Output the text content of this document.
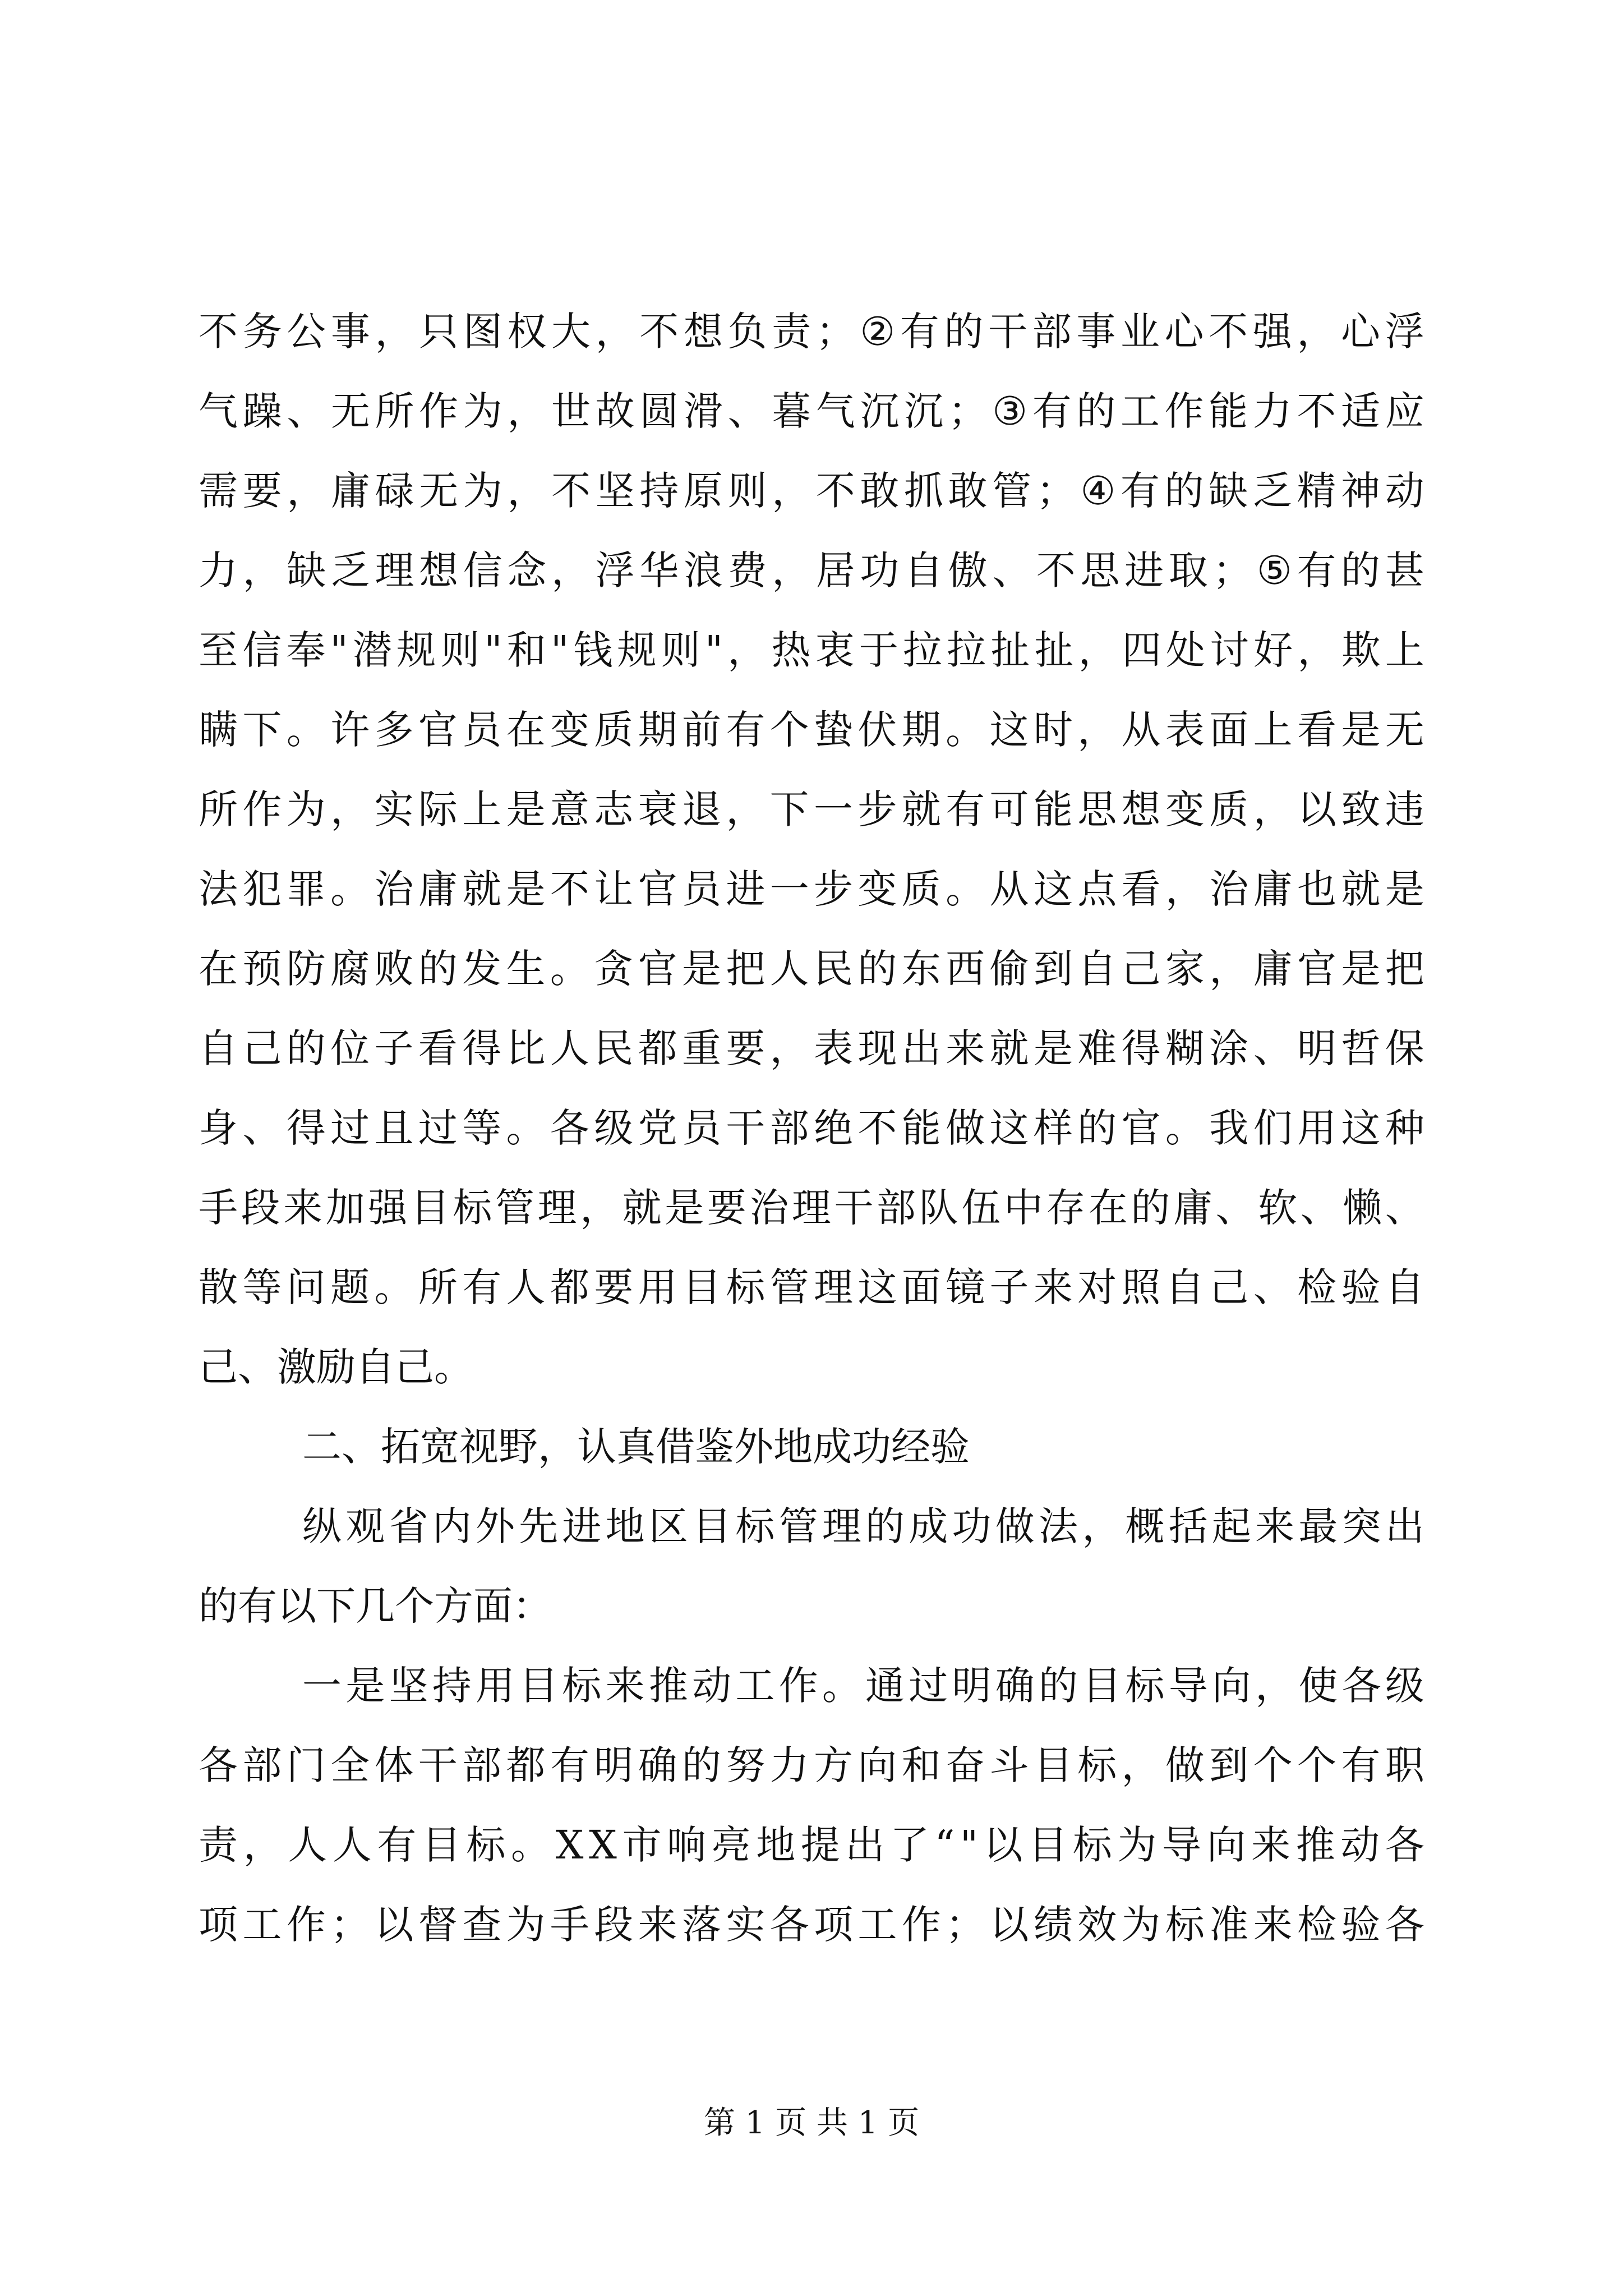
不 务 公 事 ， 只 图 权 大 ， 不 想 负 责 ； ② 有 的 干 部 事 业 心 不 强 ， 心 浮
气 躁 、 无 所 作 为 ， 世 故 圆 滑 、 暮 气 沉 沉 ； ③ 有 的 工 作 能 力 不 适 应
需 要 ， 庸 碌 无 为 ， 不 坚 持 原 则 ， 不 敢 抓 敢 管 ； ④ 有 的 缺 乏 精 神 动
力 ， 缺 乏 理 想 信 念 ， 浮 华 浪 费 ， 居 功 自 傲 、 不 思 进 取 ； ⑤ 有 的 甚
至 信 奉 " 潜 规 则 " 和 " 钱 规 则 " ， 热 衷 于 拉 拉 扯 扯 ， 四 处 讨 好 ， 欺 上
瞒 下 。 许 多 官 员 在 变 质 期 前 有 个 蛰 伏 期 。 这 时 ， 从 表 面 上 看 是 无
所 作 为 ， 实 际 上 是 意 志 衰 退 ， 下 一 步 就 有 可 能 思 想 变 质 ， 以 致 违
法 犯 罪 。 治 庸 就 是 不 让 官 员 进 一 步 变 质 。 从 这 点 看 ， 治 庸 也 就 是
在 预 防 腐 败 的 发 生 。 贪 官 是 把 人 民 的 东 西 偷 到 自 己 家 ， 庸 官 是 把
自 己 的 位 子 看 得 比 人 民 都 重 要 ， 表 现 出 来 就 是 难 得 糊 涂 、 明 哲 保
身 、 得 过 且 过 等 。 各 级 党 员 干 部 绝 不 能 做 这 样 的 官 。 我 们 用 这 种
手 段 来 加 强 目 标 管 理 ， 就 是 要 治 理 干 部 队 伍 中 存 在 的 庸 、 软 、 懒 、
散 等 问 题 。 所 有 人 都 要 用 目 标 管 理 这 面 镜 子 来 对 照 自 己 、 检 验 自
己、激励自己。
二、拓宽视野，认真借鉴外地成功经验
纵 观 省 内 外 先 进 地 区 目 标 管 理 的 成 功 做 法 ， 概 括 起 来 最 突 出
的有以下几个方面：
一 是 坚 持 用 目 标 来 推 动 工 作 。 通 过 明 确 的 目 标 导 向 ， 使 各 级
各 部 门 全 体 干 部 都 有 明 确 的 努 力 方 向 和 奋 斗 目 标 ， 做 到 个 个 有 职
责 ， 人 人 有 目 标 。 X X 市 响 亮 地 提 出 了 “ " 以 目 标 为 导 向 来 推 动 各
项 工 作 ； 以 督 查 为 手 段 来 落 实 各 项 工 作 ； 以 绩 效 为 标 准 来 检 验 各
第 1 页 共 1 页
